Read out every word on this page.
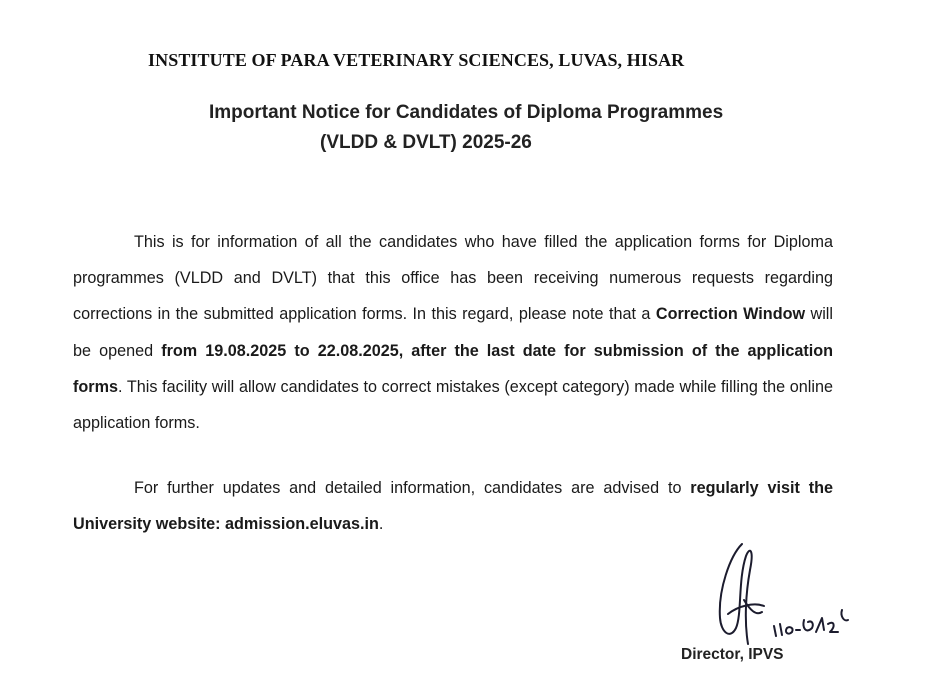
INSTITUTE OF PARA VETERINARY SCIENCES, LUVAS, HISAR
Important Notice for Candidates of Diploma Programmes
(VLDD & DVLT) 2025-26
This is for information of all the candidates who have filled the application forms for Diploma programmes (VLDD and DVLT) that this office has been receiving numerous requests regarding corrections in the submitted application forms. In this regard, please note that a Correction Window will be opened from 19.08.2025 to 22.08.2025, after the last date for submission of the application forms. This facility will allow candidates to correct mistakes (except category) made while filling the online application forms.
For further updates and detailed information, candidates are advised to regularly visit the University website: admission.eluvas.in.
Director, IPVS
